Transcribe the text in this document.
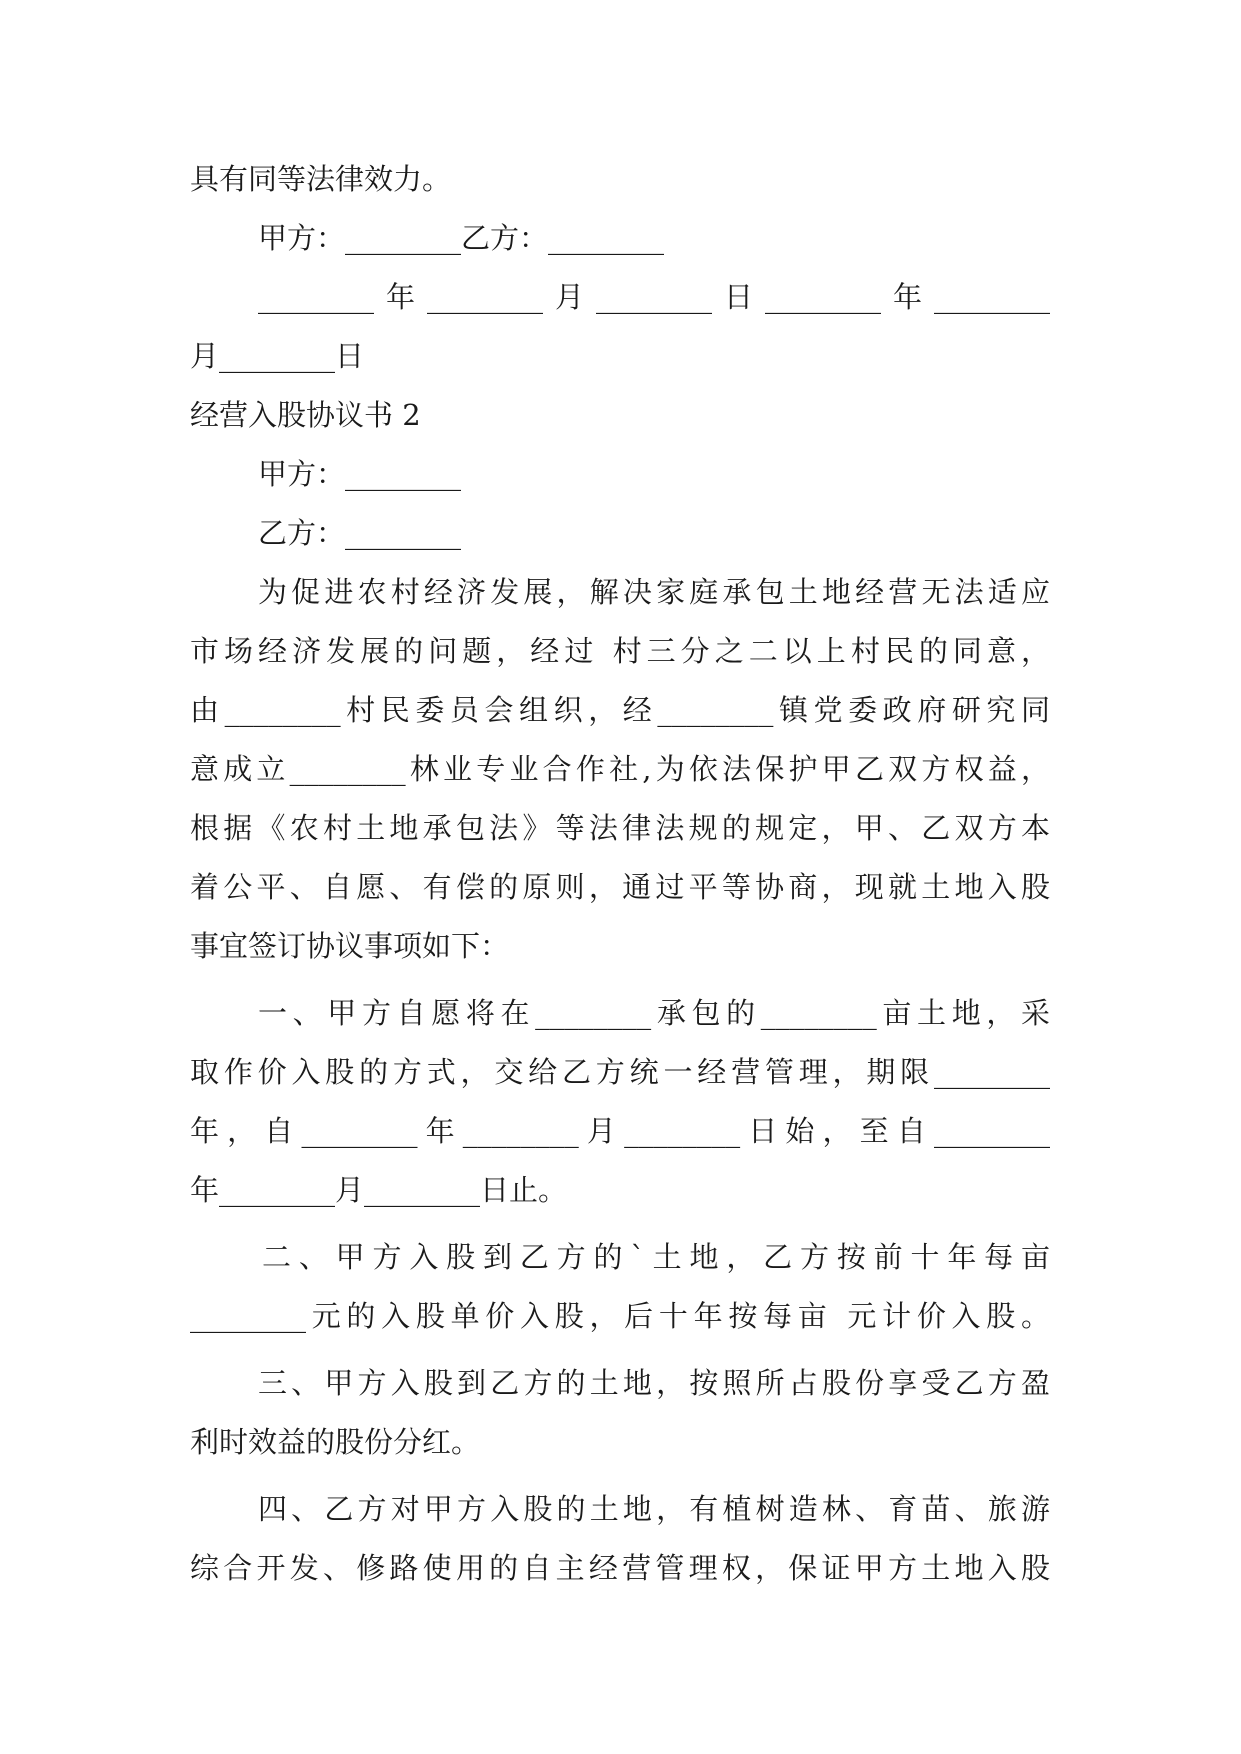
具有同等法律效力。
甲方：________乙方：________
________年________月________日________年________
月________日
经营入股协议书 2
甲方：________
乙方：________
为促进农村经济发展，解决家庭承包土地经营无法适应
市场经济发展的问题，经过 村三分之二以上村民的同意，
由________村民委员会组织，经________镇党委政府研究同
意成立________林业专业合作社,为依法保护甲乙双方权益，
根据《农村土地承包法》等法律法规的规定，甲、乙双方本
着公平、自愿、有偿的原则，通过平等协商，现就土地入股
事宜签订协议事项如下：
一、甲方自愿将在________承包的________亩土地，采
取作价入股的方式，交给乙方统一经营管理，期限________
年，自________年________月________日始，至自________
年________月________日止。
二、甲方入股到乙方的`土地，乙方按前十年每亩
________元的入股单价入股，后十年按每亩 元计价入股。
三、甲方入股到乙方的土地，按照所占股份享受乙方盈
利时效益的股份分红。
四、乙方对甲方入股的土地，有植树造林、育苗、旅游
综合开发、修路使用的自主经营管理权，保证甲方土地入股
